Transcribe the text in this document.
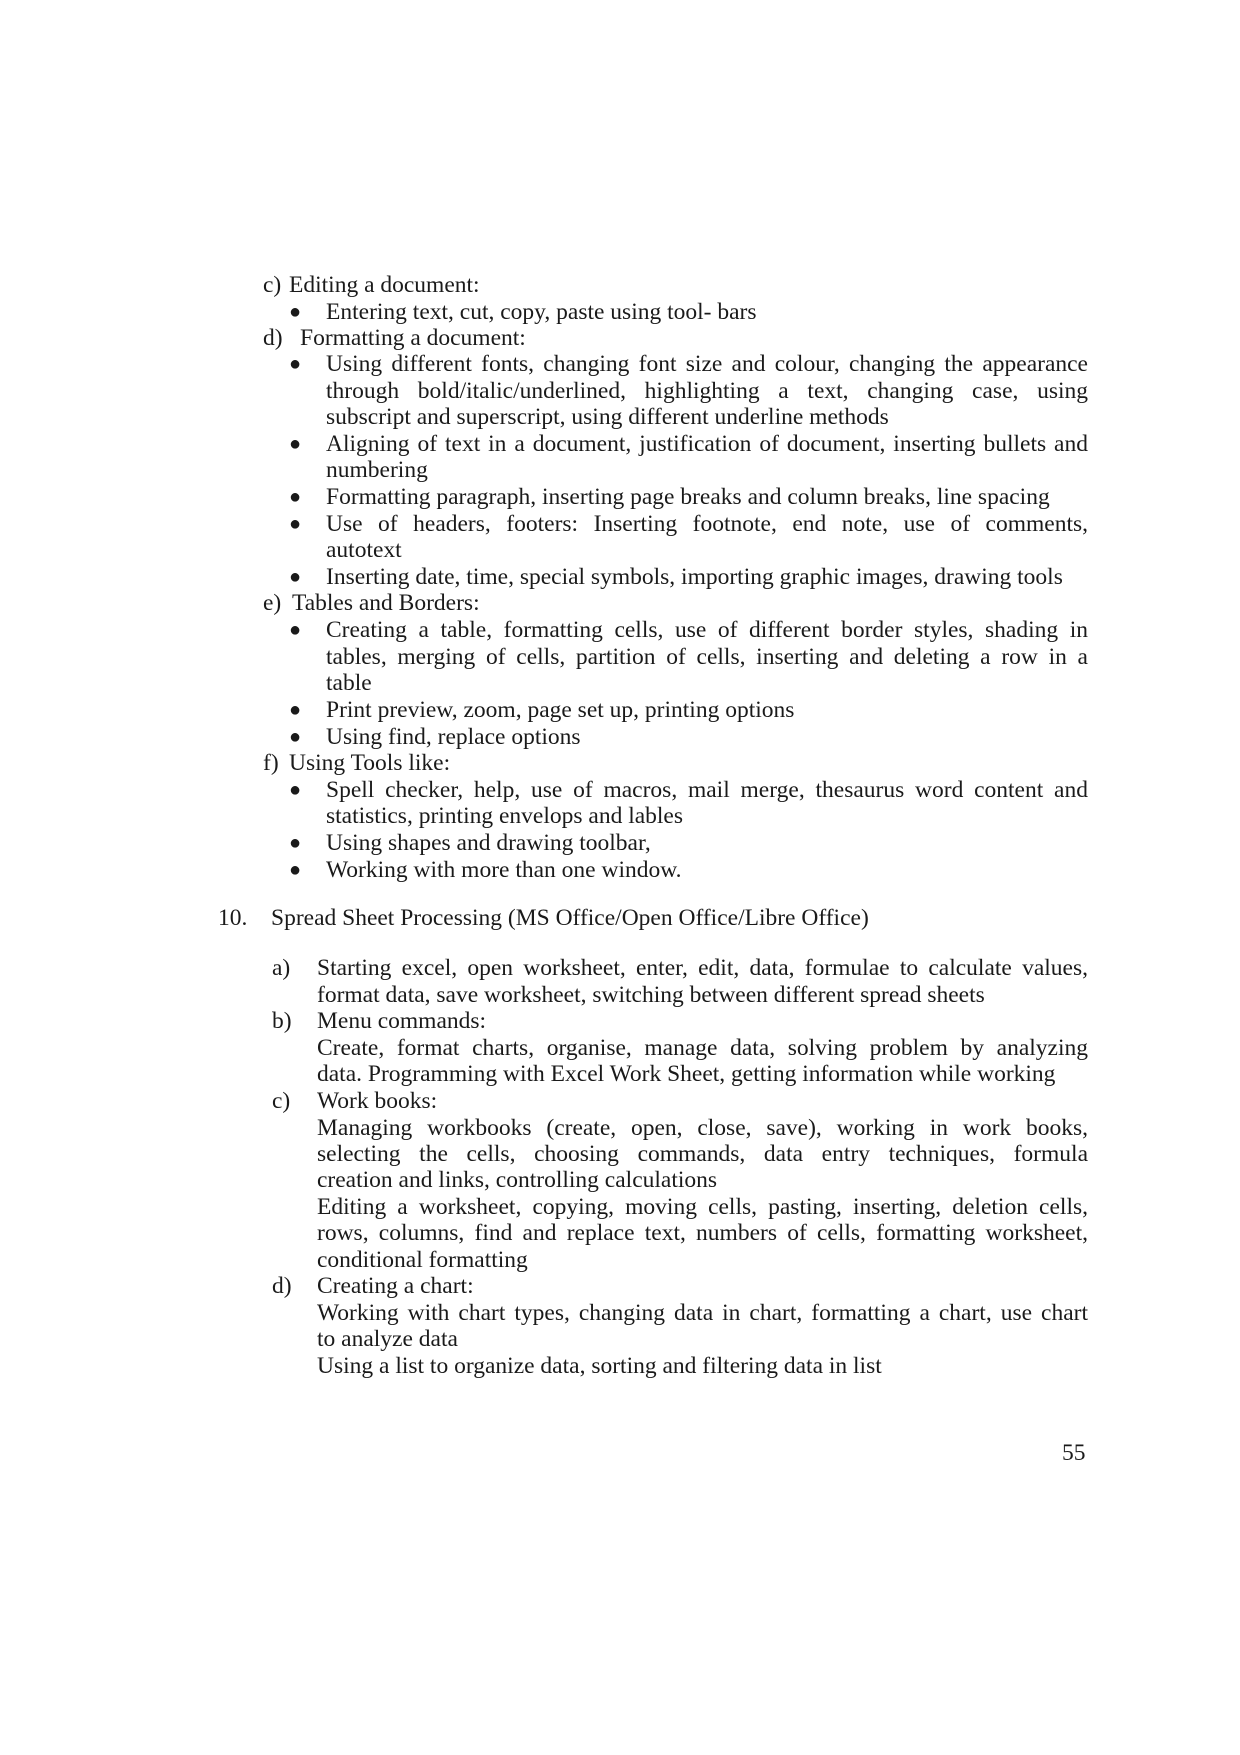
c) Editing a document:
● Entering text, cut, copy, paste using tool- bars
d) Formatting a document:
● Using different fonts, changing font size and colour, changing the appearance
through bold/italic/underlined, highlighting a text, changing case, using
subscript and superscript, using different underline methods
● Aligning of text in a document, justification of document, inserting bullets and
numbering
● Formatting paragraph, inserting page breaks and column breaks, line spacing
● Use of headers, footers: Inserting footnote, end note, use of comments,
autotext
● Inserting date, time, special symbols, importing graphic images, drawing tools
e) Tables and Borders:
● Creating a table, formatting cells, use of different border styles, shading in
tables, merging of cells, partition of cells, inserting and deleting a row in a
table
● Print preview, zoom, page set up, printing options
● Using find, replace options
f) Using Tools like:
● Spell checker, help, use of macros, mail merge, thesaurus word content and
statistics, printing envelops and lables
● Using shapes and drawing toolbar,
● Working with more than one window.
10. Spread Sheet Processing (MS Office/Open Office/Libre Office)
a) Starting excel, open worksheet, enter, edit, data, formulae to calculate values,
format data, save worksheet, switching between different spread sheets
b) Menu commands:
Create, format charts, organise, manage data, solving problem by analyzing
data. Programming with Excel Work Sheet, getting information while working
c) Work books:
Managing workbooks (create, open, close, save), working in work books,
selecting the cells, choosing commands, data entry techniques, formula
creation and links, controlling calculations
Editing a worksheet, copying, moving cells, pasting, inserting, deletion cells,
rows, columns, find and replace text, numbers of cells, formatting worksheet,
conditional formatting
d) Creating a chart:
Working with chart types, changing data in chart, formatting a chart, use chart
to analyze data
Using a list to organize data, sorting and filtering data in list
55
